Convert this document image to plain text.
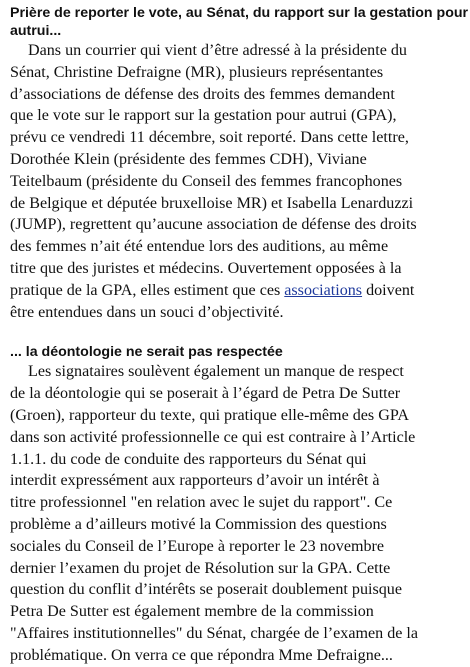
Prière de reporter le vote, au Sénat, du rapport sur la gestation pour
autrui...

Dans un courrier qui vient d’être adressé à la présidente du
Sénat, Christine Defraigne (MR), plusieurs représentantes
d’associations de défense des droits des femmes demandent
que le vote sur le rapport sur la gestation pour autrui (GPA),
prévu ce vendredi 11 décembre, soit reporté. Dans cette lettre,
Dorothée Klein (présidente des femmes CDH), Viviane
Teitelbaum (présidente du Conseil des femmes francophones
de Belgique et députée bruxelloise MR) et Isabella Lenarduzzi
(JUMP), regrettent qu’aucune association de défense des droits
des femmes n’ait été entendue lors des auditions, au même
titre que des juristes et médecins. Ouvertement opposées à la
pratique de la GPA, elles estiment que ces associations doivent
être entendues dans un souci d’objectivité.

... la déontologie ne serait pas respectée

Les signataires soulèvent également un manque de respect
de la déontologie qui se poserait à l’égard de Petra De Sutter
(Groen), rapporteur du texte, qui pratique elle-même des GPA
dans son activité professionnelle ce qui est contraire à l’Article
1.1.1. du code de conduite des rapporteurs du Sénat qui
interdit expressément aux rapporteurs d’avoir un intérêt à
titre professionnel "en relation avec le sujet du rapport". Ce
problème a d’ailleurs motivé la Commission des questions
sociales du Conseil de l’Europe à reporter le 23 novembre
dernier l’examen du projet de Résolution sur la GPA. Cette
question du conflit d’intérêts se poserait doublement puisque
Petra De Sutter est également membre de la commission
"Affaires institutionnelles" du Sénat, chargée de l’examen de la
problématique. On verra ce que répondra Mme Defraigne...
